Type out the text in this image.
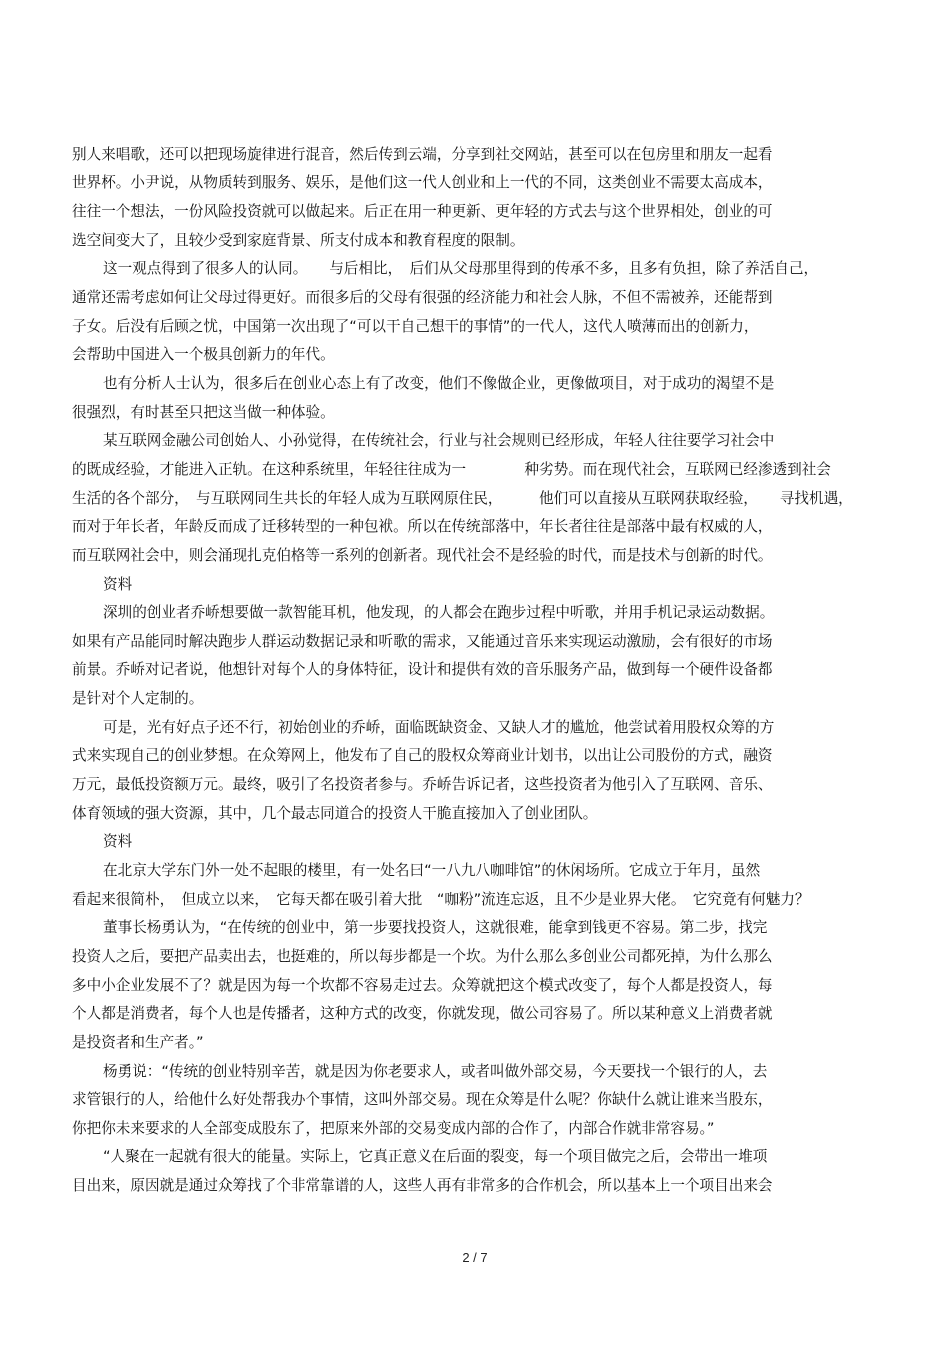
别人来唱歌，还可以把现场旋律进行混音，然后传到云端，分享到社交网站，甚至可以在包房里和朋友一起看
世界杯。小尹说，从物质转到服务、娱乐，是他们这一代人创业和上一代的不同，这类创业不需要太高成本，
往往一个想法，一份风险投资就可以做起来。后正在用一种更新、更年轻的方式去与这个世界相处，创业的可
选空间变大了，且较少受到家庭背景、所支付成本和教育程度的限制。
这一观点得到了很多人的认同。　　与后相比，　后们从父母那里得到的传承不多，且多有负担，除了养活自己，
通常还需考虑如何让父母过得更好。而很多后的父母有很强的经济能力和社会人脉，不但不需被养，还能帮到
子女。后没有后顾之忧，中国第一次出现了“可以干自己想干的事情”的一代人，这代人喷薄而出的创新力，
会帮助中国进入一个极具创新力的年代。
也有分析人士认为，很多后在创业心态上有了改变，他们不像做企业，更像做项目，对于成功的渴望不是
很强烈，有时甚至只把这当做一种体验。
某互联网金融公司创始人、小孙觉得，在传统社会，行业与社会规则已经形成，年轻人往往要学习社会中
的既成经验，才能进入正轨。在这种系统里，年轻往往成为一　　　　种劣势。而在现代社会，互联网已经渗透到社会
生活的各个部分，　与互联网同生共长的年轻人成为互联网原住民，　　　他们可以直接从互联网获取经验，　　寻找机遇，
而对于年长者，年龄反而成了迁移转型的一种包袱。所以在传统部落中，年长者往往是部落中最有权威的人，
而互联网社会中，则会涌现扎克伯格等一系列的创新者。现代社会不是经验的时代，而是技术与创新的时代。
资料
深圳的创业者乔峤想要做一款智能耳机，他发现，的人都会在跑步过程中听歌，并用手机记录运动数据。
如果有产品能同时解决跑步人群运动数据记录和听歌的需求，又能通过音乐来实现运动激励，会有很好的市场
前景。乔峤对记者说，他想针对每个人的身体特征，设计和提供有效的音乐服务产品，做到每一个硬件设备都
是针对个人定制的。
可是，光有好点子还不行，初始创业的乔峤，面临既缺资金、又缺人才的尴尬，他尝试着用股权众筹的方
式来实现自己的创业梦想。在众筹网上，他发布了自己的股权众筹商业计划书，以出让公司股份的方式，融资
万元，最低投资额万元。最终，吸引了名投资者参与。乔峤告诉记者，这些投资者为他引入了互联网、音乐、
体育领域的强大资源，其中，几个最志同道合的投资人干脆直接加入了创业团队。
资料
在北京大学东门外一处不起眼的楼里，有一处名曰“一八九八咖啡馆”的休闲场所。它成立于年月，虽然
看起来很简朴，　但成立以来，　它每天都在吸引着大批　“咖粉”流连忘返，且不少是业界大佬。　它究竟有何魅力？
董事长杨勇认为，“在传统的创业中，第一步要找投资人，这就很难，能拿到钱更不容易。第二步，找完
投资人之后，要把产品卖出去，也挺难的，所以每步都是一个坎。为什么那么多创业公司都死掉，为什么那么
多中小企业发展不了？就是因为每一个坎都不容易走过去。众筹就把这个模式改变了，每个人都是投资人，每
个人都是消费者，每个人也是传播者，这种方式的改变，你就发现，做公司容易了。所以某种意义上消费者就
是投资者和生产者。”
杨勇说：“传统的创业特别辛苦，就是因为你老要求人，或者叫做外部交易，今天要找一个银行的人，去
求管银行的人，给他什么好处帮我办个事情，这叫外部交易。现在众筹是什么呢？你缺什么就让谁来当股东，
你把你未来要求的人全部变成股东了，把原来外部的交易变成内部的合作了，内部合作就非常容易。”
“人聚在一起就有很大的能量。实际上，它真正意义在后面的裂变，每一个项目做完之后，会带出一堆项
目出来，原因就是通过众筹找了个非常靠谱的人，这些人再有非常多的合作机会，所以基本上一个项目出来会
2 / 7
